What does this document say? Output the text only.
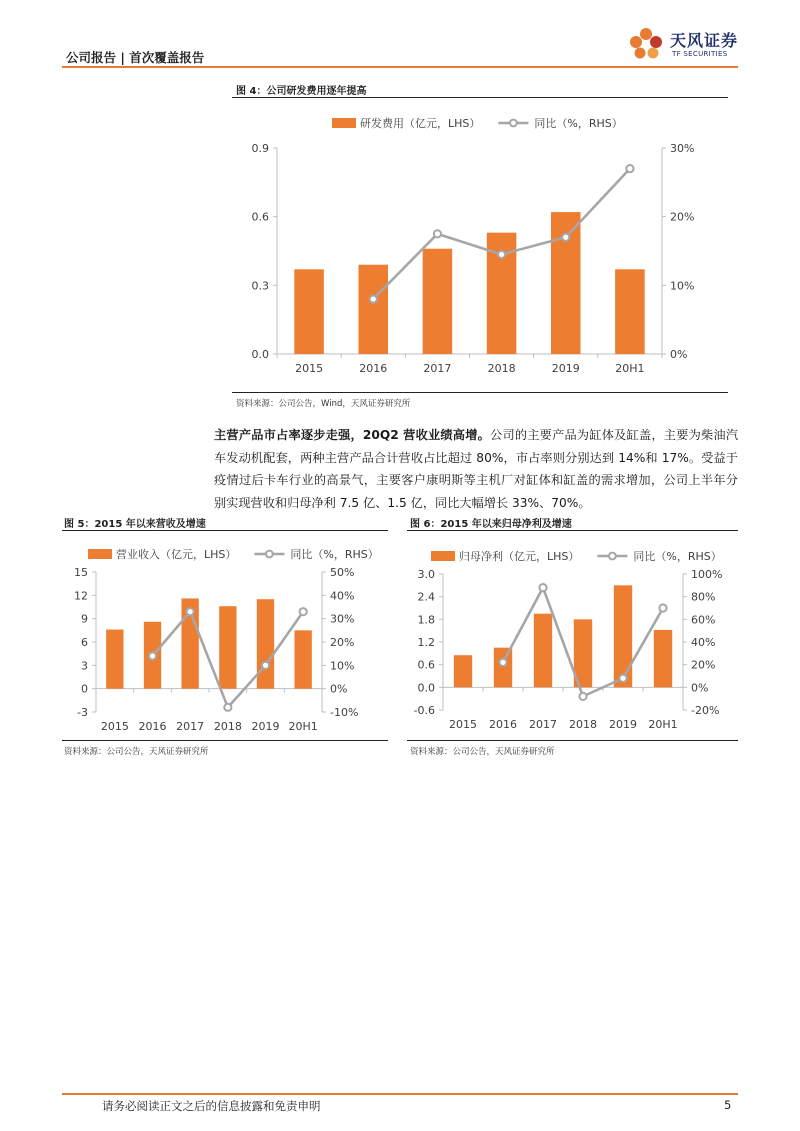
公司报告 | 首次覆盖报告
天风证券
TF SECURITIES
图 4：公司研发费用逐年提高
0.0
0.3
0.6
0.9
0%
10%
20%
30%
2015	2016	2017	2018	2019	20H1
研发费用（亿元，LHS）	同比（%，RHS）
资料来源：公司公告，Wind，天风证券研究所
主营产品市占率逐步走强，20Q2 营收业绩高增。公司的主要产品为缸体及缸盖，主要为柴油汽车发动机配套，两种主营产品合计营收占比超过 80%，市占率则分别达到 14%和 17%。受益于疫情过后卡车行业的高景气，主要客户康明斯等主机厂对缸体和缸盖的需求增加，公司上半年分别实现营收和归母净利 7.5 亿、1.5 亿，同比大幅增长 33%、70%。
图 5：2015 年以来营收及增速
-3
0
3
6
9
12
15
-10%
0%
10%
20%
30%
40%
50%
2015 2016 2017 2018 2019 20H1
营业收入（亿元，LHS）	同比（%，RHS）
资料来源：公司公告，天风证券研究所
图 6：2015 年以来归母净利及增速
-0.6
0.0
0.6
1.2
1.8
2.4
3.0
-20%
0%
20%
40%
60%
80%
100%
2015 2016 2017 2018 2019 20H1
归母净利（亿元，LHS）	同比（%，RHS）
资料来源：公司公告，天风证券研究所
请务必阅读正文之后的信息披露和免责申明	5
